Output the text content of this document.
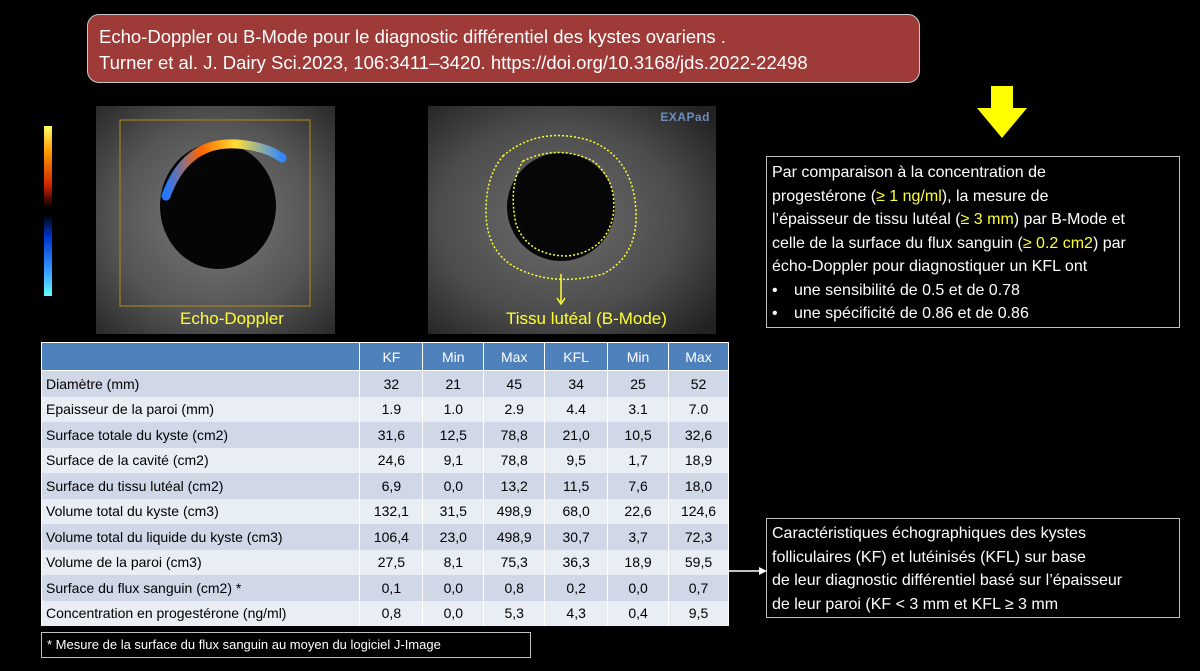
Echo-Doppler ou B-Mode pour le diagnostic différentiel des kystes ovariens .
Turner et al. J. Dairy Sci.2023, 106:3411–3420. https://doi.org/10.3168/jds.2022-22498
Echo-Doppler
EXAPad
Tissu lutéal (B-Mode)
Par comparaison à la concentration de
progestérone (≥ 1 ng/ml), la mesure de
l’épaisseur de tissu lutéal (≥ 3 mm) par B-Mode et
celle de la surface du flux sanguin (≥ 0.2 cm2) par
écho-Doppler pour diagnostiquer un KFL ont
• une sensibilité de 0.5 et de 0.78
• une spécificité de 0.86 et de 0.86
	KF	Min	Max	KFL	Min	Max
Diamètre (mm)	32	21	45	34	25	52
Epaisseur de la paroi (mm)	1.9	1.0	2.9	4.4	3.1	7.0
Surface totale du kyste (cm2)	31,6	12,5	78,8	21,0	10,5	32,6
Surface de la cavité (cm2)	24,6	9,1	78,8	9,5	1,7	18,9
Surface du tissu lutéal (cm2)	6,9	0,0	13,2	11,5	7,6	18,0
Volume total du kyste (cm3)	132,1	31,5	498,9	68,0	22,6	124,6
Volume total du liquide du kyste (cm3)	106,4	23,0	498,9	30,7	3,7	72,3
Volume de la paroi (cm3)	27,5	8,1	75,3	36,3	18,9	59,5
Surface du flux sanguin (cm2) *	0,1	0,0	0,8	0,2	0,0	0,7
Concentration en progestérone (ng/ml)	0,8	0,0	5,3	4,3	0,4	9,5
Caractéristiques échographiques des kystes
folliculaires (KF) et lutéinisés (KFL) sur base
de leur diagnostic différentiel basé sur l’épaisseur
de leur paroi (KF < 3 mm et KFL ≥ 3 mm
* Mesure de la surface du flux sanguin au moyen du logiciel J-Image
